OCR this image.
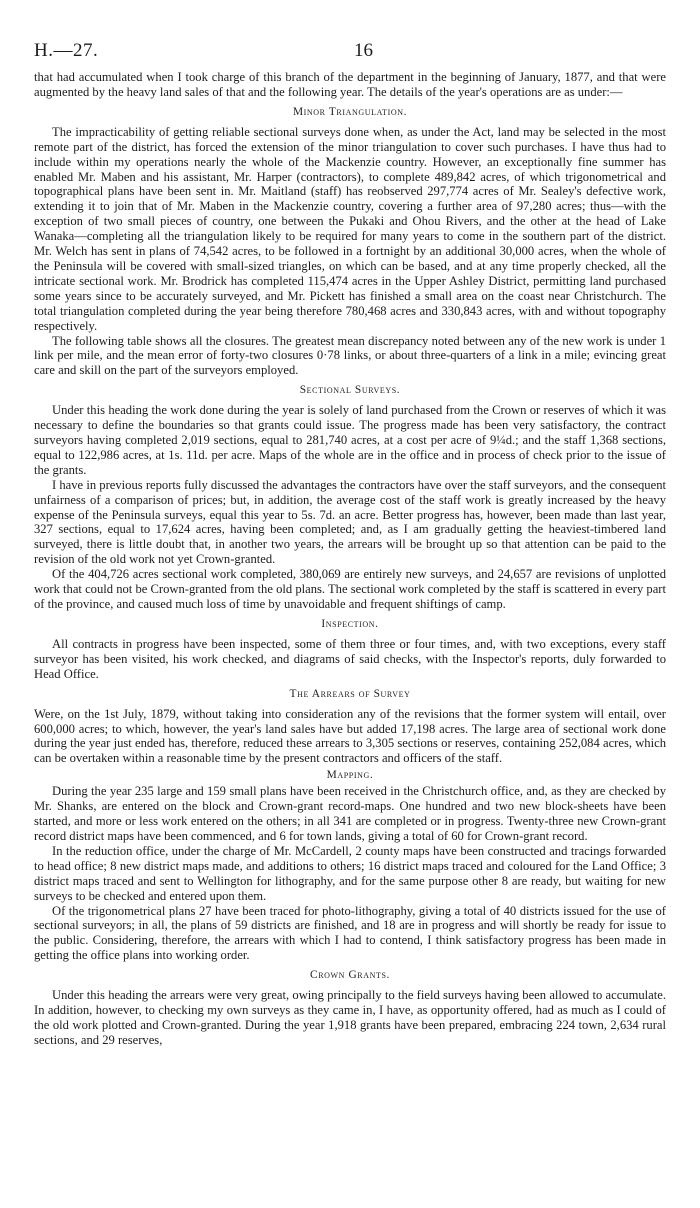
H.—27.	16

that had accumulated when I took charge of this branch of the department in the beginning of January, 1877, and that were augmented by the heavy land sales of that and the following year. The details of the year's operations are as under:—

Minor Triangulation.

The impracticability of getting reliable sectional surveys done when, as under the Act, land may be selected in the most remote part of the district, has forced the extension of the minor triangulation to cover such purchases. I have thus had to include within my operations nearly the whole of the Mackenzie country. However, an exceptionally fine summer has enabled Mr. Maben and his assistant, Mr. Harper (contractors), to complete 489,842 acres, of which trigonometrical and topographical plans have been sent in. Mr. Maitland (staff) has reobserved 297,774 acres of Mr. Sealey's defective work, extending it to join that of Mr. Maben in the Mackenzie country, covering a further area of 97,280 acres; thus—with the exception of two small pieces of country, one between the Pukaki and Ohou Rivers, and the other at the head of Lake Wanaka—completing all the triangulation likely to be required for many years to come in the southern part of the district. Mr. Welch has sent in plans of 74,542 acres, to be followed in a fortnight by an additional 30,000 acres, when the whole of the Peninsula will be covered with small-sized triangles, on which can be based, and at any time properly checked, all the intricate sectional work. Mr. Brodrick has completed 115,474 acres in the Upper Ashley District, permitting land purchased some years since to be accurately surveyed, and Mr. Pickett has finished a small area on the coast near Christchurch. The total triangulation completed during the year being therefore 780,468 acres and 330,843 acres, with and without topography respectively.

The following table shows all the closures. The greatest mean discrepancy noted between any of the new work is under 1 link per mile, and the mean error of forty-two closures 0·78 links, or about three-quarters of a link in a mile; evincing great care and skill on the part of the surveyors employed.

Sectional Surveys.

Under this heading the work done during the year is solely of land purchased from the Crown or reserves of which it was necessary to define the boundaries so that grants could issue. The progress made has been very satisfactory, the contract surveyors having completed 2,019 sections, equal to 281,740 acres, at a cost per acre of 9¼d.; and the staff 1,368 sections, equal to 122,986 acres, at 1s. 11d. per acre. Maps of the whole are in the office and in process of check prior to the issue of the grants.

I have in previous reports fully discussed the advantages the contractors have over the staff surveyors, and the consequent unfairness of a comparison of prices; but, in addition, the average cost of the staff work is greatly increased by the heavy expense of the Peninsula surveys, equal this year to 5s. 7d. an acre. Better progress has, however, been made than last year, 327 sections, equal to 17,624 acres, having been completed; and, as I am gradually getting the heaviest-timbered land surveyed, there is little doubt that, in another two years, the arrears will be brought up so that attention can be paid to the revision of the old work not yet Crown-granted.

Of the 404,726 acres sectional work completed, 380,069 are entirely new surveys, and 24,657 are revisions of unplotted work that could not be Crown-granted from the old plans. The sectional work completed by the staff is scattered in every part of the province, and caused much loss of time by unavoidable and frequent shiftings of camp.

Inspection.

All contracts in progress have been inspected, some of them three or four times, and, with two exceptions, every staff surveyor has been visited, his work checked, and diagrams of said checks, with the Inspector's reports, duly forwarded to Head Office.

The Arrears of Survey

Were, on the 1st July, 1879, without taking into consideration any of the revisions that the former system will entail, over 600,000 acres; to which, however, the year's land sales have but added 17,198 acres. The large area of sectional work done during the year just ended has, therefore, reduced these arrears to 3,305 sections or reserves, containing 252,084 acres, which can be overtaken within a reasonable time by the present contractors and officers of the staff.

Mapping.

During the year 235 large and 159 small plans have been received in the Christchurch office, and, as they are checked by Mr. Shanks, are entered on the block and Crown-grant record-maps. One hundred and two new block-sheets have been started, and more or less work entered on the others; in all 341 are completed or in progress. Twenty-three new Crown-grant record district maps have been commenced, and 6 for town lands, giving a total of 60 for Crown-grant record.

In the reduction office, under the charge of Mr. McCardell, 2 county maps have been constructed and tracings forwarded to head office; 8 new district maps made, and additions to others; 16 district maps traced and coloured for the Land Office; 3 district maps traced and sent to Wellington for lithography, and for the same purpose other 8 are ready, but waiting for new surveys to be checked and entered upon them.

Of the trigonometrical plans 27 have been traced for photo-lithography, giving a total of 40 districts issued for the use of sectional surveyors; in all, the plans of 59 districts are finished, and 18 are in progress and will shortly be ready for issue to the public. Considering, therefore, the arrears with which I had to contend, I think satisfactory progress has been made in getting the office plans into working order.

Crown Grants.

Under this heading the arrears were very great, owing principally to the field surveys having been allowed to accumulate. In addition, however, to checking my own surveys as they came in, I have, as opportunity offered, had as much as I could of the old work plotted and Crown-granted. During the year 1,918 grants have been prepared, embracing 224 town, 2,634 rural sections, and 29 reserves,
